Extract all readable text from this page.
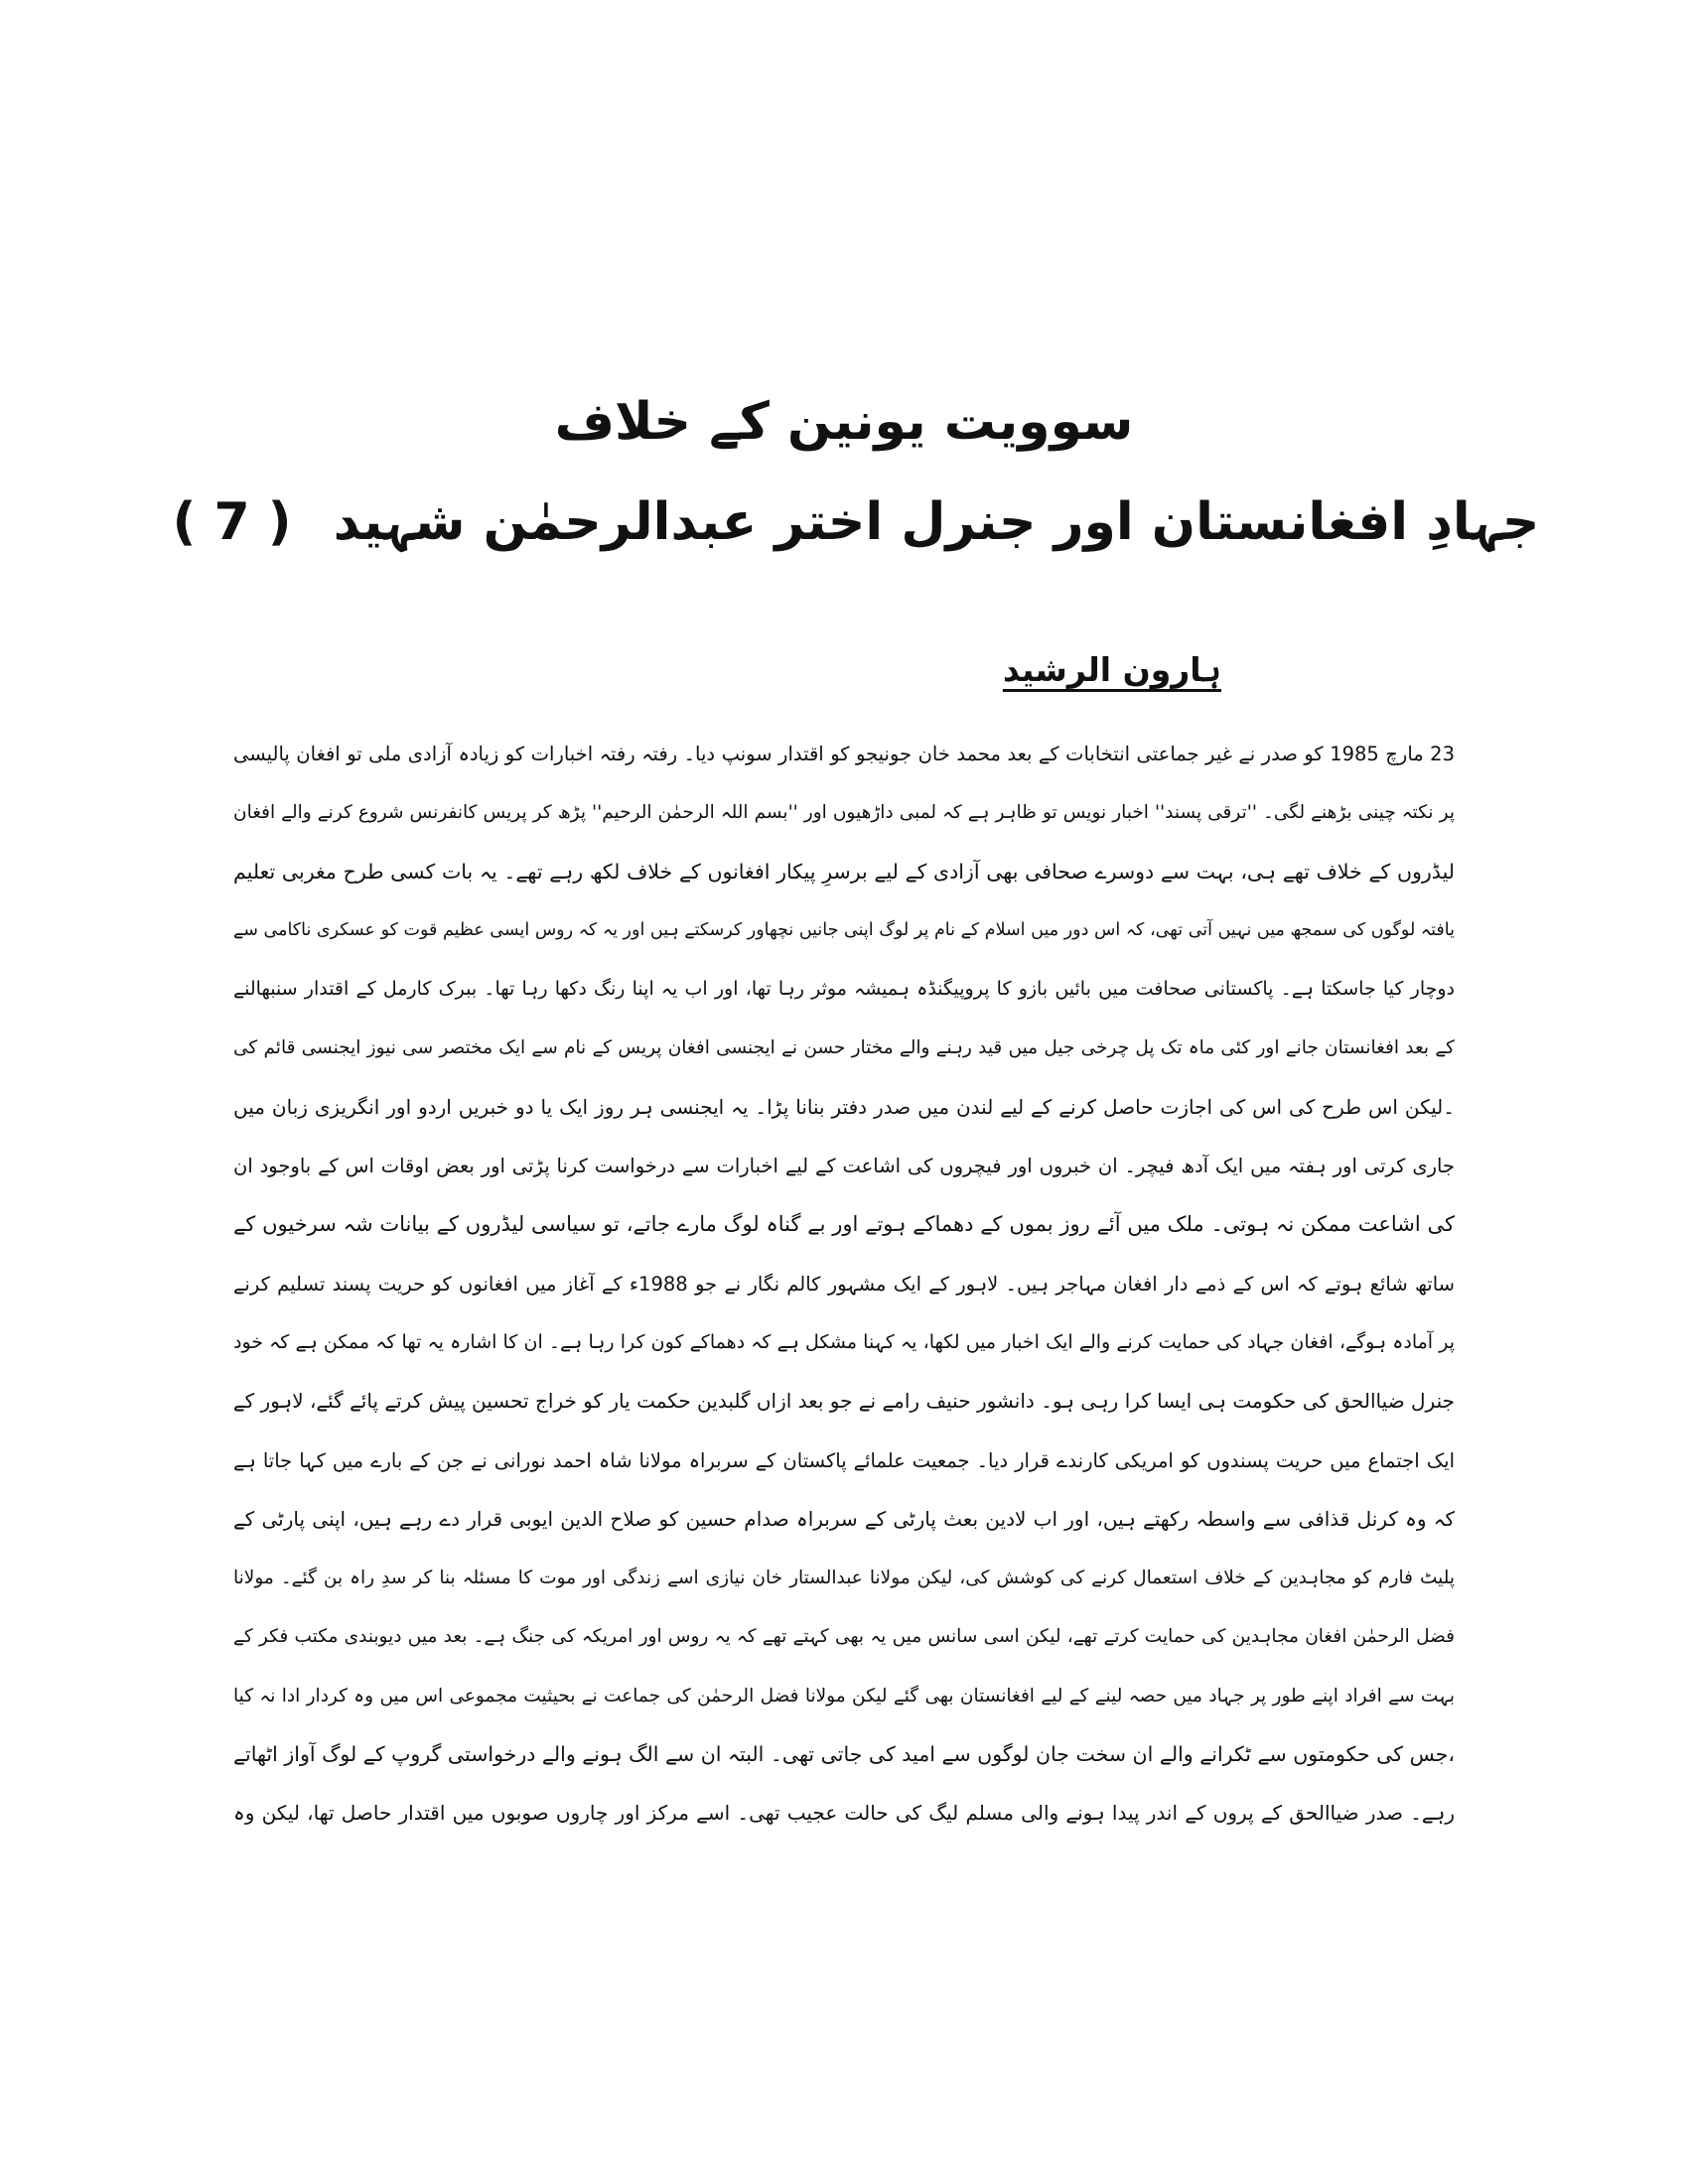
سوویت یونین کے خلاف
جہادِ افغانستان اور جنرل اختر عبدالرحمٰن شہید ( 7 )
ہارون الرشید
23 مارچ 1985 کو صدر نے غیر جماعتی انتخابات کے بعد محمد خان جونیجو کو اقتدار سونپ دیا۔ رفتہ رفتہ اخبارات کو زیادہ آزادی ملی تو افغان پالیسی
پر نکتہ چینی بڑھنے لگی۔ ''ترقی پسند'' اخبار نویس تو ظاہر ہے کہ لمبی داڑھیوں اور ''بسم اللہ الرحمٰن الرحیم'' پڑھ کر پریس کانفرنس شروع کرنے والے افغان
لیڈروں کے خلاف تھے ہی، بہت سے دوسرے صحافی بھی آزادی کے لیے برسرِ پیکار افغانوں کے خلاف لکھ رہے تھے۔ یہ بات کسی طرح مغربی تعلیم
یافتہ لوگوں کی سمجھ میں نہیں آتی تھی، کہ اس دور میں اسلام کے نام پر لوگ اپنی جانیں نچھاور کرسکتے ہیں اور یہ کہ روس ایسی عظیم قوت کو عسکری ناکامی سے
دوچار کیا جاسکتا ہے۔ پاکستانی صحافت میں بائیں بازو کا پروپیگنڈہ ہمیشہ موثر رہا تھا، اور اب یہ اپنا رنگ دکھا رہا تھا۔ ببرک کارمل کے اقتدار سنبھالنے
کے بعد افغانستان جانے اور کئی ماہ تک پل چرخی جیل میں قید رہنے والے مختار حسن نے ایجنسی افغان پریس کے نام سے ایک مختصر سی نیوز ایجنسی قائم کی
۔لیکن اس طرح کی اس کی اجازت حاصل کرنے کے لیے لندن میں صدر دفتر بنانا پڑا۔ یہ ایجنسی ہر روز ایک یا دو خبریں اردو اور انگریزی زبان میں
جاری کرتی اور ہفتہ میں ایک آدھ فیچر۔ ان خبروں اور فیچروں کی اشاعت کے لیے اخبارات سے درخواست کرنا پڑتی اور بعض اوقات اس کے باوجود ان
کی اشاعت ممکن نہ ہوتی۔ ملک میں آئے روز بموں کے دھماکے ہوتے اور بے گناہ لوگ مارے جاتے، تو سیاسی لیڈروں کے بیانات شہ سرخیوں کے
ساتھ شائع ہوتے کہ اس کے ذمے دار افغان مہاجر ہیں۔ لاہور کے ایک مشہور کالم نگار نے جو 1988ء کے آغاز میں افغانوں کو حریت پسند تسلیم کرنے
پر آمادہ ہوگے، افغان جہاد کی حمایت کرنے والے ایک اخبار میں لکھا، یہ کہنا مشکل ہے کہ دھماکے کون کرا رہا ہے۔ ان کا اشارہ یہ تھا کہ ممکن ہے کہ خود
جنرل ضیاالحق کی حکومت ہی ایسا کرا رہی ہو۔ دانشور حنیف رامے نے جو بعد ازاں گلبدین حکمت یار کو خراج تحسین پیش کرتے پائے گئے، لاہور کے
ایک اجتماع میں حریت پسندوں کو امریکی کارندے قرار دیا۔ جمعیت علمائے پاکستان کے سربراہ مولانا شاہ احمد نورانی نے جن کے بارے میں کہا جاتا ہے
کہ وہ کرنل قذافی سے واسطہ رکھتے ہیں، اور اب لادین بعث پارٹی کے سربراہ صدام حسین کو صلاح الدین ایوبی قرار دے رہے ہیں، اپنی پارٹی کے
پلیٹ فارم کو مجاہدین کے خلاف استعمال کرنے کی کوشش کی، لیکن مولانا عبدالستار خان نیازی اسے زندگی اور موت کا مسئلہ بنا کر سدِ راہ بن گئے۔ مولانا
فضل الرحمٰن افغان مجاہدین کی حمایت کرتے تھے، لیکن اسی سانس میں یہ بھی کہتے تھے کہ یہ روس اور امریکہ کی جنگ ہے۔ بعد میں دیوبندی مکتب فکر کے
بہت سے افراد اپنے طور پر جہاد میں حصہ لینے کے لیے افغانستان بھی گئے لیکن مولانا فضل الرحمٰن کی جماعت نے بحیثیت مجموعی اس میں وہ کردار ادا نہ کیا
،جس کی حکومتوں سے ٹکرانے والے ان سخت جان لوگوں سے امید کی جاتی تھی۔ البتہ ان سے الگ ہونے والے درخواستی گروپ کے لوگ آواز اٹھاتے
رہے۔ صدر ضیاالحق کے پروں کے اندر پیدا ہونے والی مسلم لیگ کی حالت عجیب تھی۔ اسے مرکز اور چاروں صوبوں میں اقتدار حاصل تھا، لیکن وہ
